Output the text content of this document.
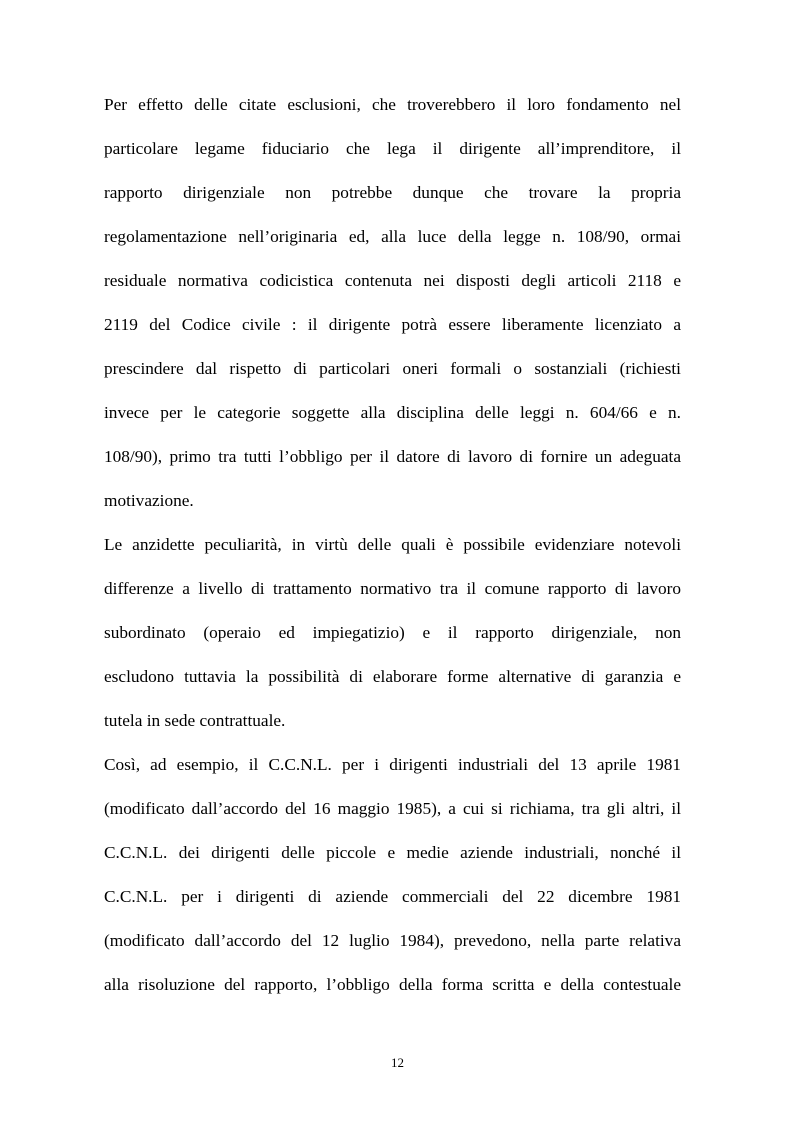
Per effetto delle citate esclusioni, che troverebbero il loro fondamento nel
particolare legame fiduciario che lega il dirigente all’imprenditore, il
rapporto dirigenziale non potrebbe dunque che trovare la propria
regolamentazione nell’originaria ed, alla luce della legge n. 108/90, ormai
residuale normativa codicistica contenuta nei disposti degli articoli 2118 e
2119 del Codice civile : il dirigente potrà essere liberamente licenziato a
prescindere dal rispetto di particolari oneri formali o sostanziali (richiesti
invece per le categorie soggette alla disciplina delle leggi n. 604/66 e n.
108/90), primo tra tutti l’obbligo per il datore di lavoro di fornire un adeguata
motivazione.
Le anzidette peculiarità, in virtù delle quali è possibile evidenziare notevoli
differenze a livello di trattamento normativo tra il comune rapporto di lavoro
subordinato (operaio ed impiegatizio) e il rapporto dirigenziale, non
escludono tuttavia la possibilità di elaborare forme alternative di garanzia e
tutela in sede contrattuale.
Così, ad esempio, il C.C.N.L. per i dirigenti industriali del 13 aprile 1981
(modificato dall’accordo del 16 maggio 1985), a cui si richiama, tra gli altri, il
C.C.N.L. dei dirigenti delle piccole e medie aziende industriali, nonché il
C.C.N.L. per i dirigenti di aziende commerciali del 22 dicembre 1981
(modificato dall’accordo del 12 luglio 1984), prevedono, nella parte relativa
alla risoluzione del rapporto, l’obbligo della forma scritta e della contestuale
12
